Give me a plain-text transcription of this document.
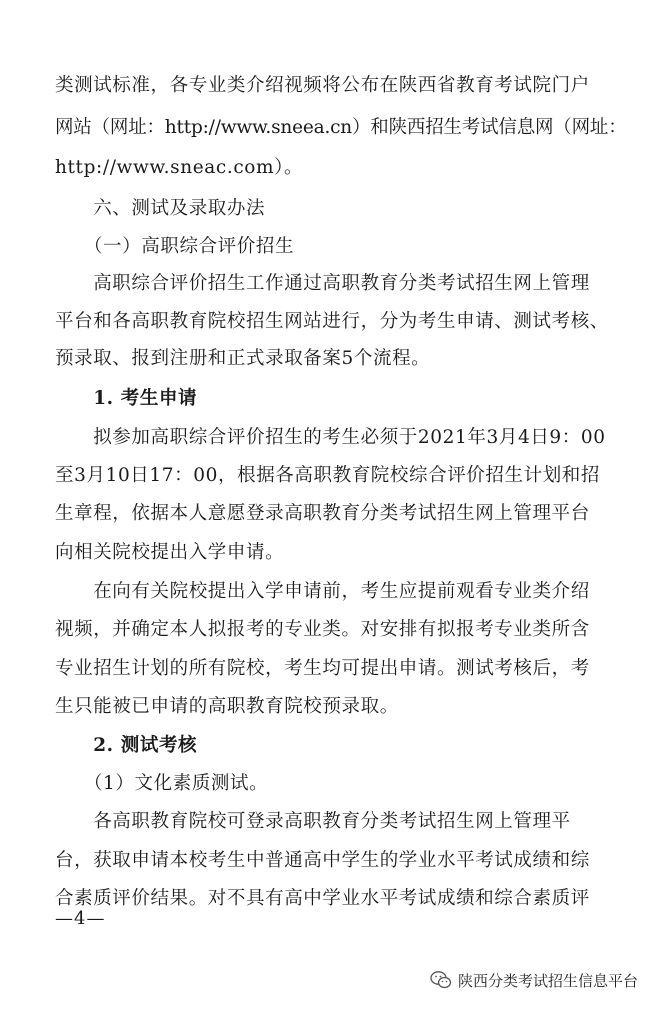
类测试标准，各专业类介绍视频将公布在陕西省教育考试院门户
网站（网址：http://www.sneea.cn）和陕西招生考试信息网（网址：
http://www.sneac.com）。
　　六、测试及录取办法
　　（一）高职综合评价招生
　　高职综合评价招生工作通过高职教育分类考试招生网上管理
平台和各高职教育院校招生网站进行，分为考生申请、测试考核、
预录取、报到注册和正式录取备案5个流程。
　　1. 考生申请
　　拟参加高职综合评价招生的考生必须于2021年3月4日9：00
至3月10日17：00，根据各高职教育院校综合评价招生计划和招
生章程，依据本人意愿登录高职教育分类考试招生网上管理平台
向相关院校提出入学申请。
　　在向有关院校提出入学申请前，考生应提前观看专业类介绍
视频，并确定本人拟报考的专业类。对安排有拟报考专业类所含
专业招生计划的所有院校，考生均可提出申请。测试考核后，考
生只能被已申请的高职教育院校预录取。
　　2. 测试考核
　　（1）文化素质测试。
　　各高职教育院校可登录高职教育分类考试招生网上管理平
台，获取申请本校考生中普通高中学生的学业水平考试成绩和综
合素质评价结果。对不具有高中学业水平考试成绩和综合素质评
—4—
陕西分类考试招生信息平台
